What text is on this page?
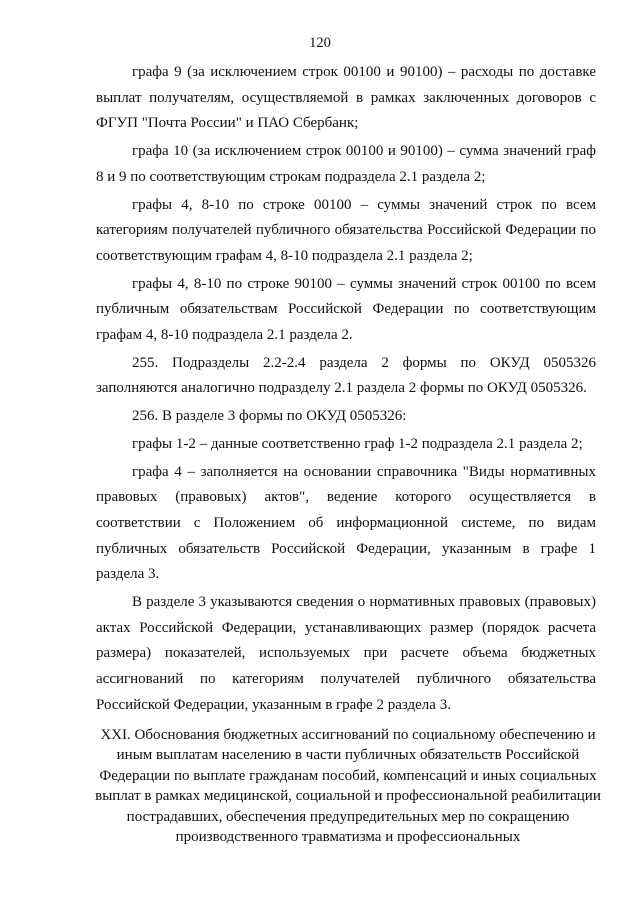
120

графа 9 (за исключением строк 00100 и 90100) – расходы по доставке выплат получателям, осуществляемой в рамках заключенных договоров с ФГУП "Почта России" и ПАО Сбербанк;

графа 10 (за исключением строк 00100 и 90100) – сумма значений граф 8 и 9 по соответствующим строкам подраздела 2.1 раздела 2;

графы 4, 8-10 по строке 00100 – суммы значений строк по всем категориям получателей публичного обязательства Российской Федерации по соответствующим графам 4, 8-10 подраздела 2.1 раздела 2;

графы 4, 8-10 по строке 90100 – суммы значений строк 00100 по всем публичным обязательствам Российской Федерации по соответствующим графам 4, 8-10 подраздела 2.1 раздела 2.

255. Подразделы 2.2-2.4 раздела 2 формы по ОКУД 0505326 заполняются аналогично подразделу 2.1 раздела 2 формы по ОКУД 0505326.

256. В разделе 3 формы по ОКУД 0505326:

графы 1-2 – данные соответственно граф 1-2 подраздела 2.1 раздела 2;

графа 4 – заполняется на основании справочника "Виды нормативных правовых (правовых) актов", ведение которого осуществляется в соответствии с Положением об информационной системе, по видам публичных обязательств Российской Федерации, указанным в графе 1 раздела 3.

В разделе 3 указываются сведения о нормативных правовых (правовых) актах Российской Федерации, устанавливающих размер (порядок расчета размера) показателей, используемых при расчете объема бюджетных ассигнований по категориям получателей публичного обязательства Российской Федерации, указанным в графе 2 раздела 3.

XXI. Обоснования бюджетных ассигнований по социальному обеспечению и иным выплатам населению в части публичных обязательств Российской Федерации по выплате гражданам пособий, компенсаций и иных социальных выплат в рамках медицинской, социальной и профессиональной реабилитации пострадавших, обеспечения предупредительных мер по сокращению производственного травматизма и профессиональных
